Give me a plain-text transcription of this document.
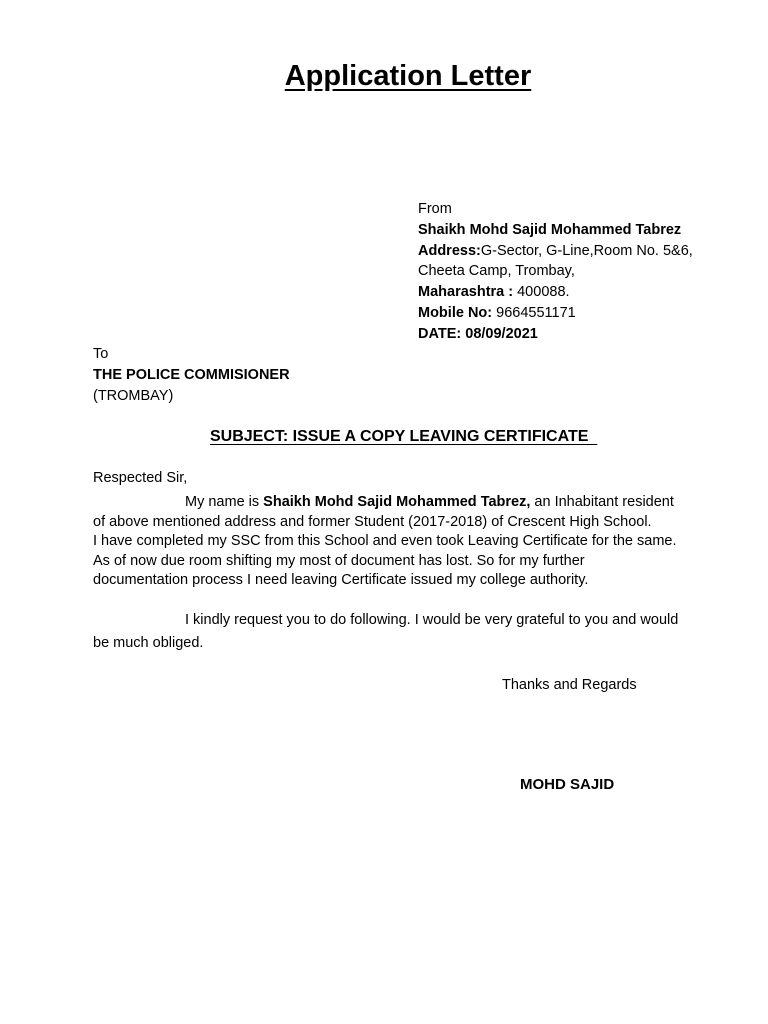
Application Letter
From
Shaikh Mohd Sajid Mohammed Tabrez
Address:G-Sector, G-Line,Room No. 5&6,
Cheeta Camp, Trombay,
Maharashtra : 400088.
Mobile No: 9664551171
DATE: 08/09/2021
To
THE POLICE COMMISIONER
(TROMBAY)
SUBJECT: ISSUE A COPY LEAVING CERTIFICATE
Respected Sir,
My name is Shaikh Mohd Sajid Mohammed Tabrez, an Inhabitant resident
of above mentioned address and former Student (2017-2018) of Crescent High School.
I have completed my SSC from this School and even took Leaving Certificate for the same.
As of now due room shifting my most of document has lost. So for my further
documentation process I need leaving Certificate issued my college authority.
I kindly request you to do following. I would be very grateful to you and would
be much obliged.
Thanks and Regards
MOHD SAJID
